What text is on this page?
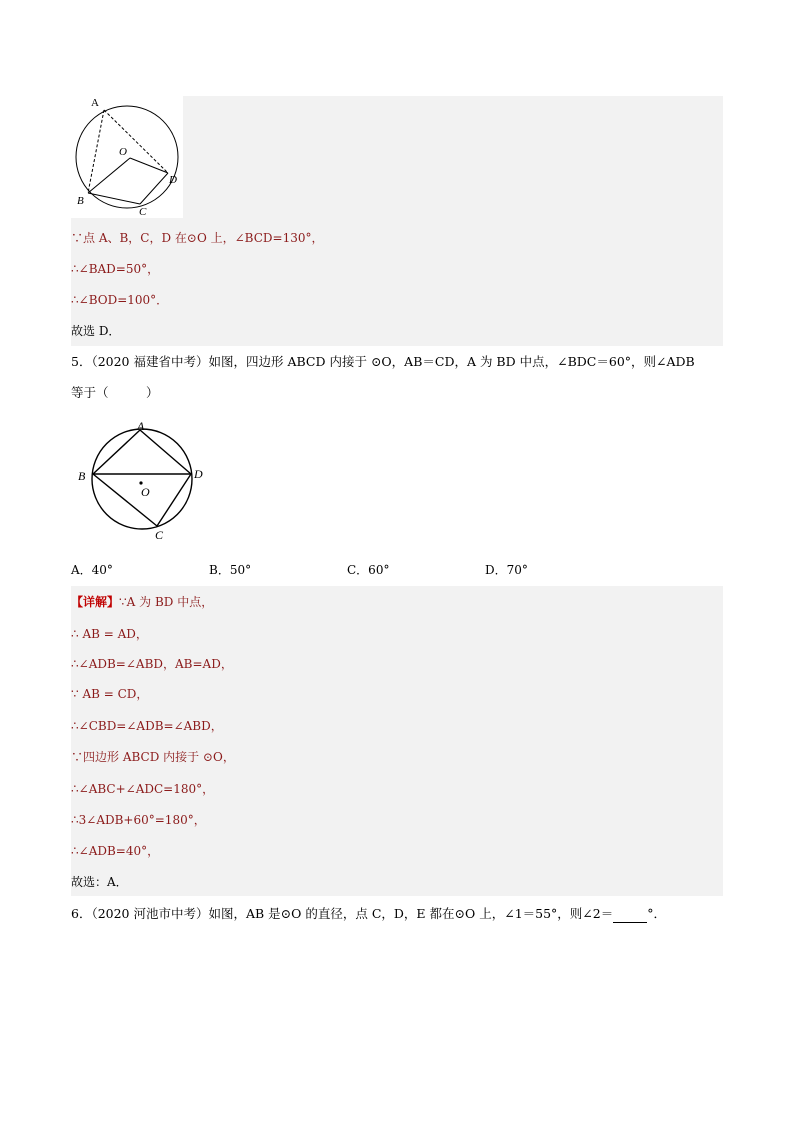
A
O
D
B
C
∵点 A、B，C，D 在⊙O 上，∠BCD=130°，
∴∠BAD=50°，
∴∠BOD=100°．
故选 D．
5．（2020 福建省中考）如图，四边形 ABCD 内接于 ⊙O，AB＝CD，A 为 BD 中点，∠BDC＝60°，则∠ADB
等于（　　　）
A
B	D
O
C
A．40°	B．50°	C．60°	D．70°
【详解】∵A 为 BD 中点，
∴ AB = AD，
∴∠ADB=∠ABD，AB=AD，
∵ AB = CD，
∴∠CBD=∠ADB=∠ABD，
∵四边形 ABCD 内接于 ⊙O，
∴∠ABC+∠ADC=180°，
∴3∠ADB+60°=180°，
∴∠ADB=40°，
故选：A．
6．（2020 河池市中考）如图，AB 是⊙O 的直径，点 C，D，E 都在⊙O 上，∠1＝55°，则∠2＝	°．
